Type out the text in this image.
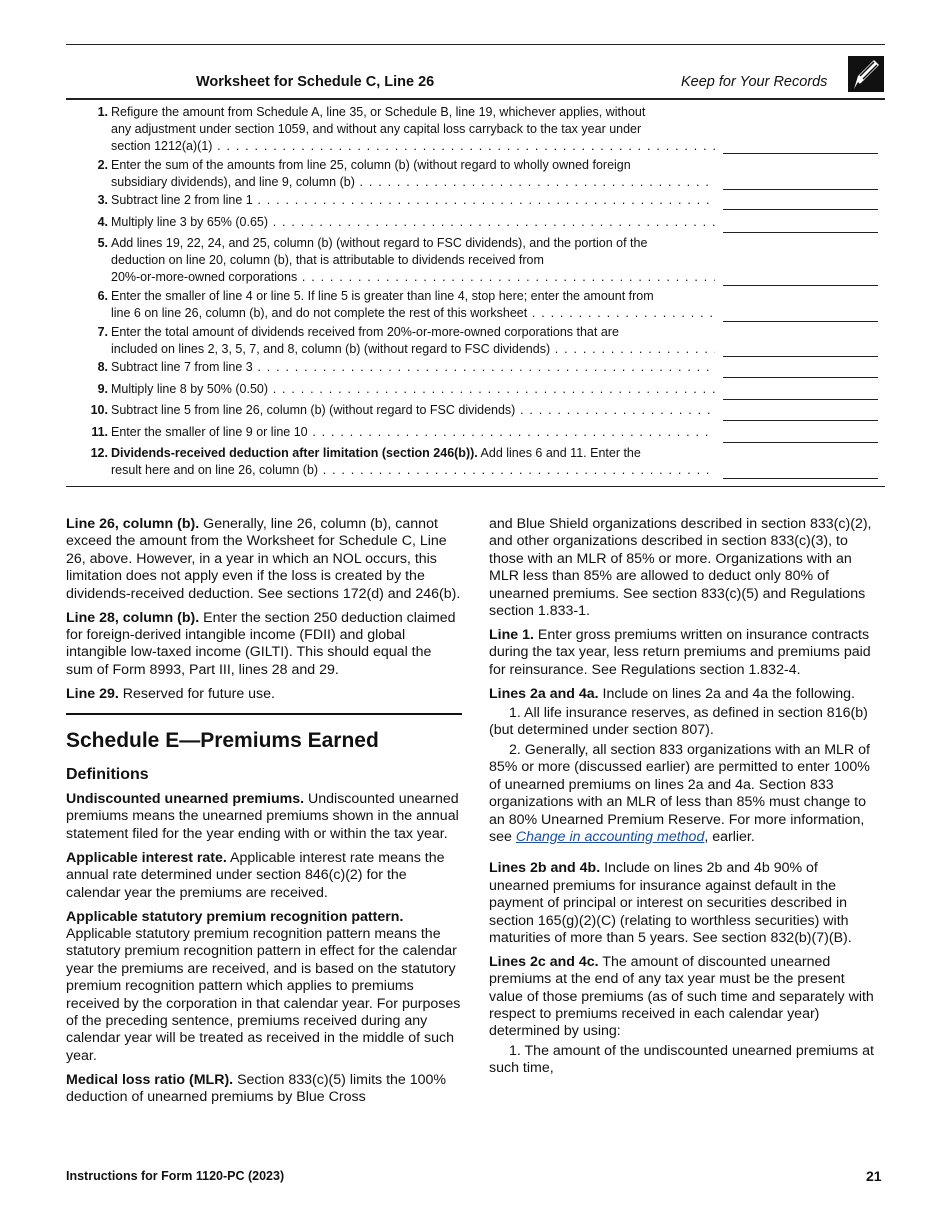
Worksheet for Schedule C, Line 26	Keep for Your Records
1. Refigure the amount from Schedule A, line 35, or Schedule B, line 19, whichever applies, without
any adjustment under section 1059, and without any capital loss carryback to the tax year under
section 1212(a)(1) . . .
2. Enter the sum of the amounts from line 25, column (b) (without regard to wholly owned foreign
subsidiary dividends), and line 9, column (b) . . .
3. Subtract line 2 from line 1 . . .
4. Multiply line 3 by 65% (0.65) . . .
5. Add lines 19, 22, 24, and 25, column (b) (without regard to FSC dividends), and the portion of the
deduction on line 20, column (b), that is attributable to dividends received from
20%-or-more-owned corporations . . .
6. Enter the smaller of line 4 or line 5. If line 5 is greater than line 4, stop here; enter the amount from
line 6 on line 26, column (b), and do not complete the rest of this worksheet . . .
7. Enter the total amount of dividends received from 20%-or-more-owned corporations that are
included on lines 2, 3, 5, 7, and 8, column (b) (without regard to FSC dividends) . . .
8. Subtract line 7 from line 3 . . .
9. Multiply line 8 by 50% (0.50) . . .
10. Subtract line 5 from line 26, column (b) (without regard to FSC dividends) . . .
11. Enter the smaller of line 9 or line 10 . . .
12. Dividends-received deduction after limitation (section 246(b)). Add lines 6 and 11. Enter the
result here and on line 26, column (b) . . .

Line 26, column (b). Generally, line 26, column (b), cannot exceed the amount from the Worksheet for Schedule C, Line 26, above. However, in a year in which an NOL occurs, this limitation does not apply even if the loss is created by the dividends-received deduction. See sections 172(d) and 246(b).

Line 28, column (b). Enter the section 250 deduction claimed for foreign-derived intangible income (FDII) and global intangible low-taxed income (GILTI). This should equal the sum of Form 8993, Part III, lines 28 and 29.

Line 29. Reserved for future use.

Schedule E—Premiums Earned
Definitions

Undiscounted unearned premiums. Undiscounted unearned premiums means the unearned premiums shown in the annual statement filed for the year ending with or within the tax year.

Applicable interest rate. Applicable interest rate means the annual rate determined under section 846(c)(2) for the calendar year the premiums are received.

Applicable statutory premium recognition pattern. Applicable statutory premium recognition pattern means the statutory premium recognition pattern in effect for the calendar year the premiums are received, and is based on the statutory premium recognition pattern which applies to premiums received by the corporation in that calendar year. For purposes of the preceding sentence, premiums received during any calendar year will be treated as received in the middle of such year.

Medical loss ratio (MLR). Section 833(c)(5) limits the 100% deduction of unearned premiums by Blue Cross

and Blue Shield organizations described in section 833(c)(2), and other organizations described in section 833(c)(3), to those with an MLR of 85% or more. Organizations with an MLR less than 85% are allowed to deduct only 80% of unearned premiums. See section 833(c)(5) and Regulations section 1.833-1.

Line 1. Enter gross premiums written on insurance contracts during the tax year, less return premiums and premiums paid for reinsurance. See Regulations section 1.832-4.

Lines 2a and 4a. Include on lines 2a and 4a the following.

1. All life insurance reserves, as defined in section 816(b) (but determined under section 807).

2. Generally, all section 833 organizations with an MLR of 85% or more (discussed earlier) are permitted to enter 100% of unearned premiums on lines 2a and 4a. Section 833 organizations with an MLR of less than 85% must change to an 80% Unearned Premium Reserve. For more information, see Change in accounting method, earlier.

Lines 2b and 4b. Include on lines 2b and 4b 90% of unearned premiums for insurance against default in the payment of principal or interest on securities described in section 165(g)(2)(C) (relating to worthless securities) with maturities of more than 5 years. See section 832(b)(7)(B).

Lines 2c and 4c. The amount of discounted unearned premiums at the end of any tax year must be the present value of those premiums (as of such time and separately with respect to premiums received in each calendar year) determined by using:

1. The amount of the undiscounted unearned premiums at such time,

Instructions for Form 1120-PC (2023)	21
